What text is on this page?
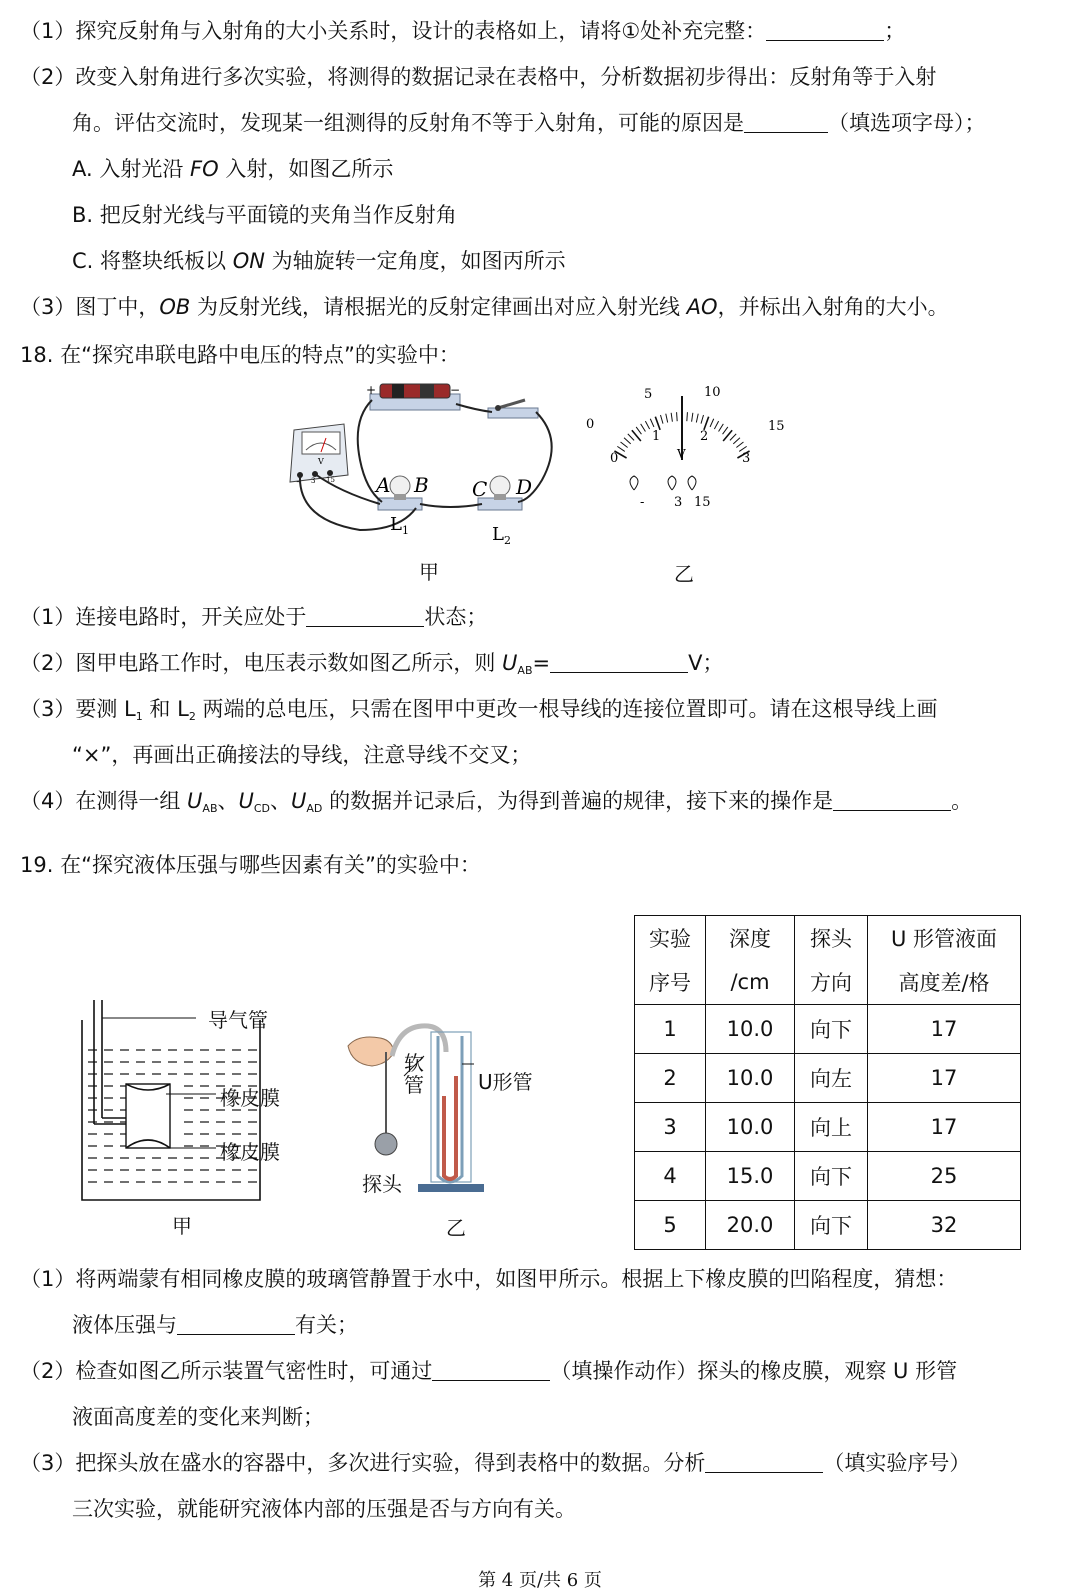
（1）探究反射角与入射角的大小关系时，设计的表格如上，请将①处补充完整：	；
（2）改变入射角进行多次实验，将测得的数据记录在表格中，分析数据初步得出：反射角等于入射
角。评估交流时，发现某一组测得的反射角不等于入射角，可能的原因是	（填选项字母）；
A. 入射光沿 FO 入射，如图乙所示
B. 把反射光线与平面镜的夹角当作反射角
C. 将整块纸板以 ON 为轴旋转一定角度，如图丙所示
（3）图丁中，OB 为反射光线，请根据光的反射定律画出对应入射光线 AO，并标出入射角的大小。
18. 在“探究串联电路中电压的特点”的实验中：
+	−
V
− 3 15 A B C D
$L_1$	$L_2$
甲
5	10
0	15
0
1	2
3
V
- 3 15
乙
（1）连接电路时，开关应处于	状态；
（2）图甲电路工作时，电压表示数如图乙所示，则 $U_{AB}=$	V；
（3）要测 $L_1$ 和 $L_2$ 两端的总电压，只需在图甲中更改一根导线的连接位置即可。请在这根导线上画
“×”，再画出正确接法的导线，注意导线不交叉；
（4）在测得一组 $U_{AB}$、$U_{CD}$、$U_{AD}$ 的数据并记录后，为得到普遍的规律，接下来的操作是	。
19. 在“探究液体压强与哪些因素有关”的实验中：
导气管
橡皮膜
橡皮膜
甲
软
管	U形管
探头
乙
实验	深度	探头	U 形管液面
序号	/cm	方向	高度差/格
1	10.0	向下	17
2	10.0	向左	17
3	10.0	向上	17
4	15.0	向下	25
5	20.0	向下	32
（1）将两端蒙有相同橡皮膜的玻璃管静置于水中，如图甲所示。根据上下橡皮膜的凹陷程度，猜想：
液体压强与	有关；
（2）检查如图乙所示装置气密性时，可通过	（填操作动作）探头的橡皮膜，观察 U 形管
液面高度差的变化来判断；
（3）把探头放在盛水的容器中，多次进行实验，得到表格中的数据。分析	（填实验序号）
三次实验，就能研究液体内部的压强是否与方向有关。
第 4 页/共 6 页
